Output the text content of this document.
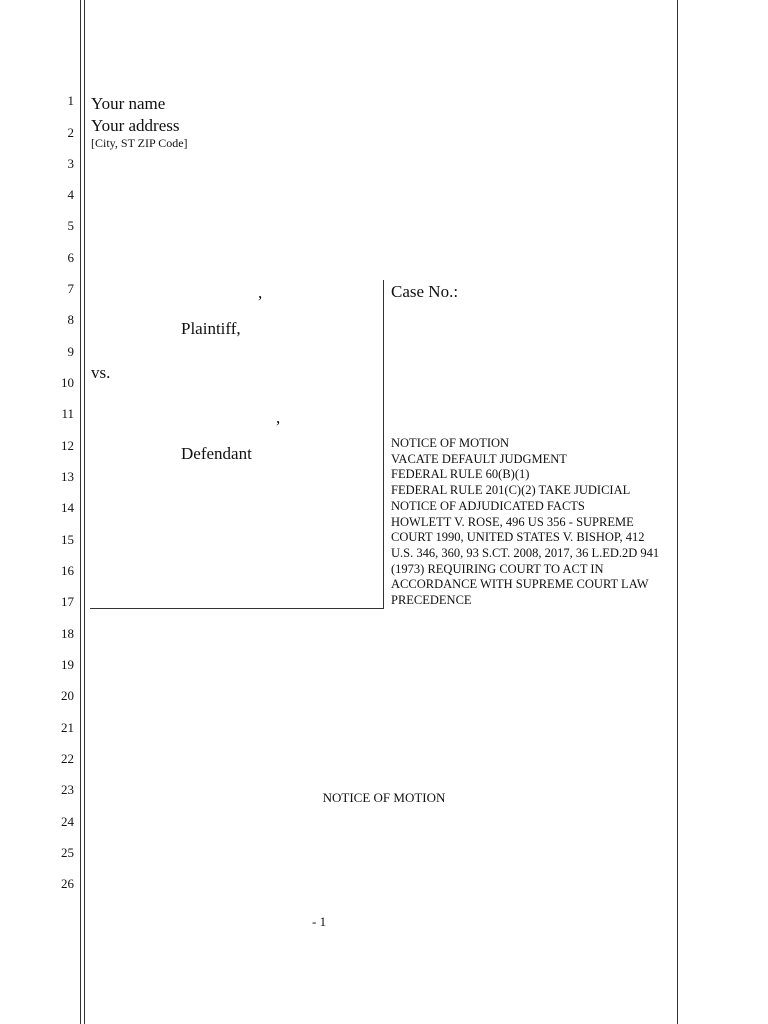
1
2
3
4
5
6
7
8
9
10
11
12
13
14
15
16
17
18
19
20
21
22
23
24
25
26
Your name
Your address
[City, ST ZIP Code]
,
Plaintiff,
vs.
,
Defendant
Case No.:
NOTICE OF MOTION
VACATE DEFAULT JUDGMENT
FEDERAL RULE 60(B)(1)
FEDERAL RULE 201(C)(2) TAKE JUDICIAL
NOTICE OF ADJUDICATED FACTS
HOWLETT V. ROSE, 496 US 356 - SUPREME
COURT 1990, UNITED STATES V. BISHOP, 412
U.S. 346, 360, 93 S.CT. 2008, 2017, 36 L.ED.2D 941
(1973) REQUIRING COURT TO ACT IN
ACCORDANCE WITH SUPREME COURT LAW
PRECEDENCE
NOTICE OF MOTION
- 1
